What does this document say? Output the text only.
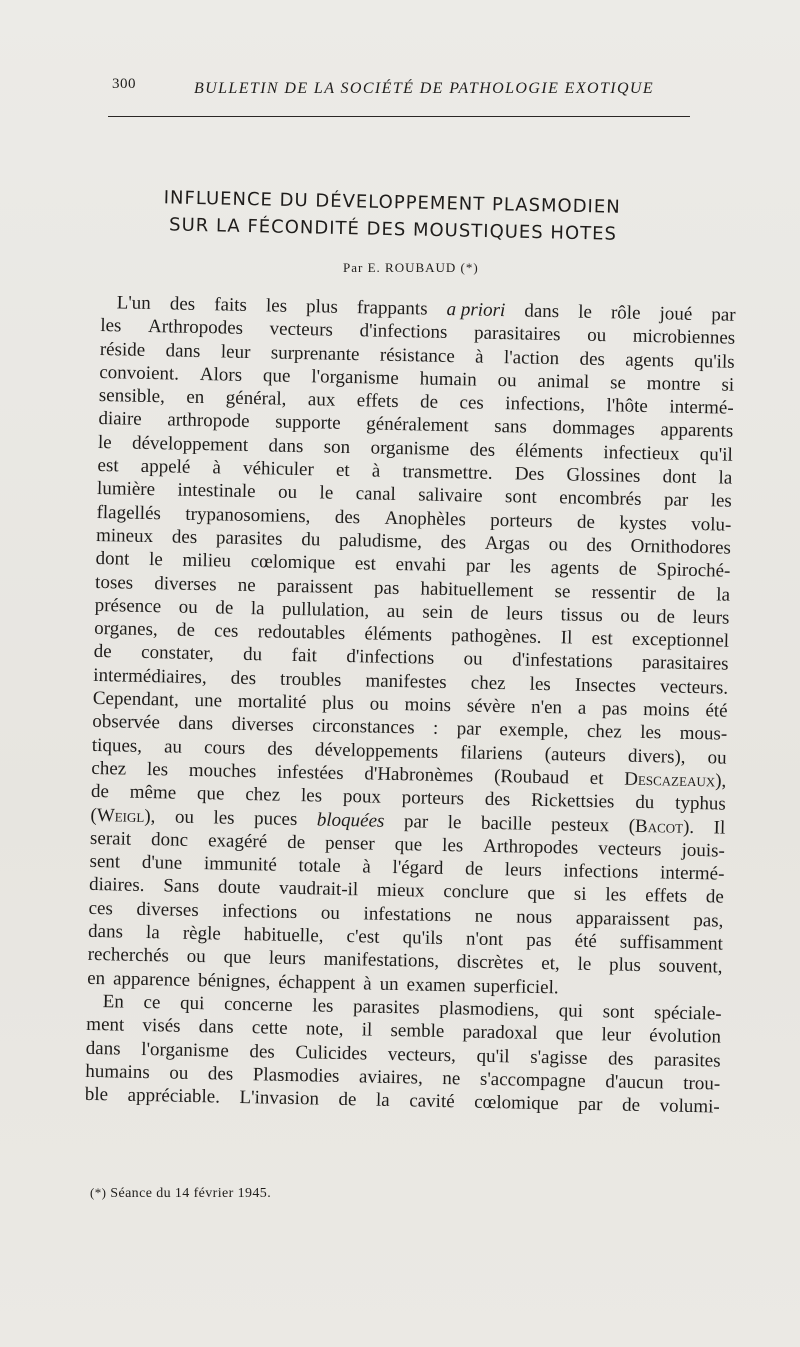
300	BULLETIN DE LA SOCIÉTÉ DE PATHOLOGIE EXOTIQUE
INFLUENCE DU DÉVELOPPEMENT PLASMODIEN
SUR LA FÉCONDITÉ DES MOUSTIQUES HOTES
Par E. ROUBAUD (*)
L'un des faits les plus frappants a priori dans le rôle joué par
les Arthropodes vecteurs d'infections parasitaires ou microbiennes
réside dans leur surprenante résistance à l'action des agents qu'ils
convoient. Alors que l'organisme humain ou animal se montre si
sensible, en général, aux effets de ces infections, l'hôte intermé-
diaire arthropode supporte généralement sans dommages apparents
le développement dans son organisme des éléments infectieux qu'il
est appelé à véhiculer et à transmettre. Des Glossines dont la
lumière intestinale ou le canal salivaire sont encombrés par les
flagellés trypanosomiens, des Anophèles porteurs de kystes volu-
mineux des parasites du paludisme, des Argas ou des Ornithodores
dont le milieu cœlomique est envahi par les agents de Spiroché-
toses diverses ne paraissent pas habituellement se ressentir de la
présence ou de la pullulation, au sein de leurs tissus ou de leurs
organes, de ces redoutables éléments pathogènes. Il est exceptionnel
de constater, du fait d'infections ou d'infestations parasitaires
intermédiaires, des troubles manifestes chez les Insectes vecteurs.
Cependant, une mortalité plus ou moins sévère n'en a pas moins été
observée dans diverses circonstances : par exemple, chez les mous-
tiques, au cours des développements filariens (auteurs divers), ou
chez les mouches infestées d'Habronèmes (Roubaud et Descazeaux),
de même que chez les poux porteurs des Rickettsies du typhus
(Weigl), ou les puces bloquées par le bacille pesteux (Bacot). Il
serait donc exagéré de penser que les Arthropodes vecteurs jouis-
sent d'une immunité totale à l'égard de leurs infections intermé-
diaires. Sans doute vaudrait-il mieux conclure que si les effets de
ces diverses infections ou infestations ne nous apparaissent pas,
dans la règle habituelle, c'est qu'ils n'ont pas été suffisamment
recherchés ou que leurs manifestations, discrètes et, le plus souvent,
en apparence bénignes, échappent à un examen superficiel.
En ce qui concerne les parasites plasmodiens, qui sont spéciale-
ment visés dans cette note, il semble paradoxal que leur évolution
dans l'organisme des Culicides vecteurs, qu'il s'agisse des parasites
humains ou des Plasmodies aviaires, ne s'accompagne d'aucun trou-
ble appréciable. L'invasion de la cavité cœlomique par de volumi-
(*) Séance du 14 février 1945.
